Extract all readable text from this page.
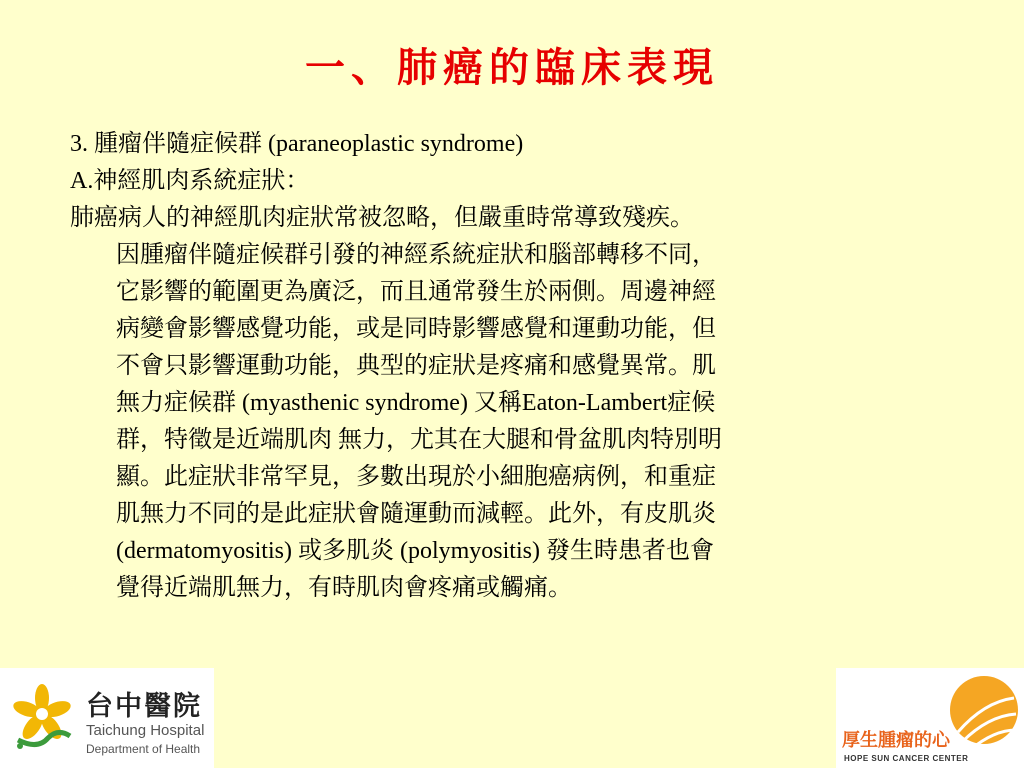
一、肺癌的臨床表現
3. 腫瘤伴隨症候群 (paraneoplastic syndrome)
A.神經肌肉系統症狀：
肺癌病人的神經肌肉症狀常被忽略，但嚴重時常導致殘疾。
因腫瘤伴隨症候群引發的神經系統症狀和腦部轉移不同，
它影響的範圍更為廣泛，而且通常發生於兩側。周邊神經
病變會影響感覺功能，或是同時影響感覺和運動功能，但
不會只影響運動功能，典型的症狀是疼痛和感覺異常。肌
無力症候群 (myasthenic syndrome) 又稱Eaton-Lambert症候
群，特徵是近端肌肉 無力，尤其在大腿和骨盆肌肉特別明
顯。此症狀非常罕見，多數出現於小細胞癌病例，和重症
肌無力不同的是此症狀會隨運動而減輕。此外，有皮肌炎
(dermatomyositis) 或多肌炎 (polymyositis) 發生時患者也會
覺得近端肌無力，有時肌肉會疼痛或觸痛。
台中醫院
Taichung Hospital
Department of Health	厚生腫瘤的心
HOPE SUN CANCER CENTER
